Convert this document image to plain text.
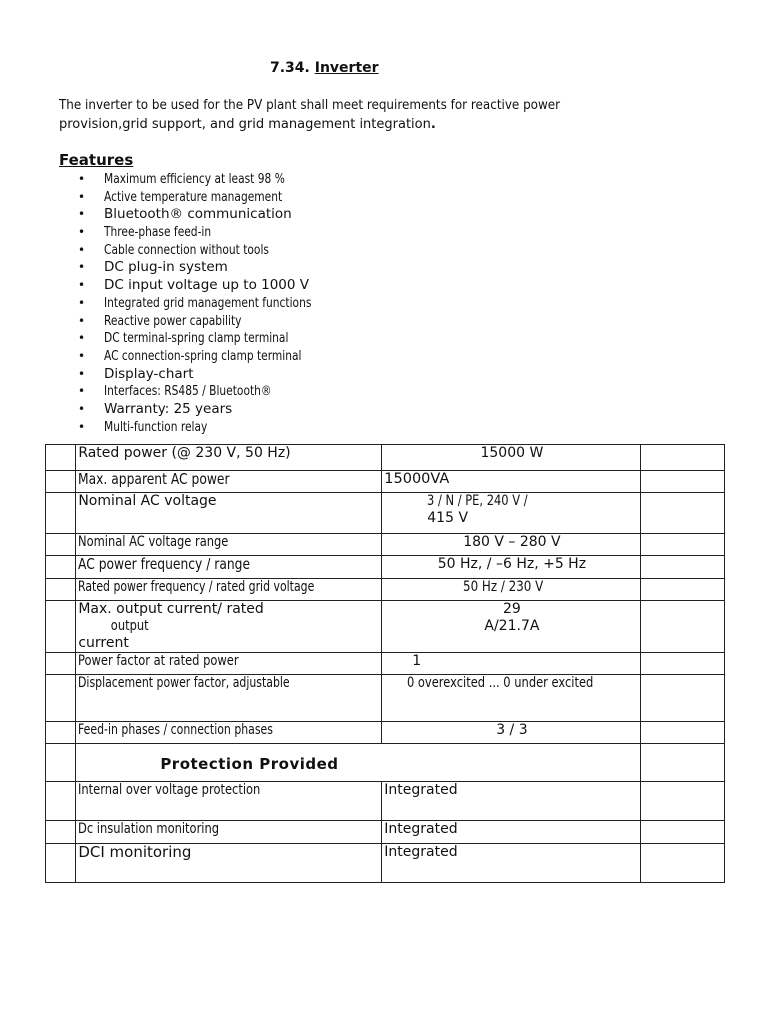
7.34. Inverter
The inverter to be used for the PV plant shall meet requirements for reactive power
provision,grid support, and grid management integration.
Features
• Maximum efficiency at least 98 %
• Active temperature management
• Bluetooth® communication
• Three-phase feed-in
• Cable connection without tools
• DC plug-in system
• DC input voltage up to 1000 V
• Integrated grid management functions
• Reactive power capability
• DC terminal-spring clamp terminal
• AC connection-spring clamp terminal
• Display-chart
• Interfaces: RS485 / Bluetooth®
• Warranty: 25 years
• Multi-function relay
	Rated power (@ 230 V, 50 Hz)	15000 W	
	Max. apparent AC power	15000VA	
	Nominal AC voltage	3 / N / PE, 240 V /
415 V	

	Nominal AC voltage range	180 V – 280 V	
	AC power frequency / range	50 Hz, / –6 Hz, +5 Hz	
	Rated power frequency / rated grid voltage	50 Hz / 230 V	
	Max. output current/ rated
output
current	29
A/21.7A	
	Power factor at rated power	1	
	Displacement power factor, adjustable	0 overexcited ... 0 under excited	
	Feed-in phases / connection phases	3 / 3	

	Protection Provided		

	Internal over voltage protection	Integrated	
	Dc insulation monitoring	Integrated	
	DCI monitoring	Integrated	
